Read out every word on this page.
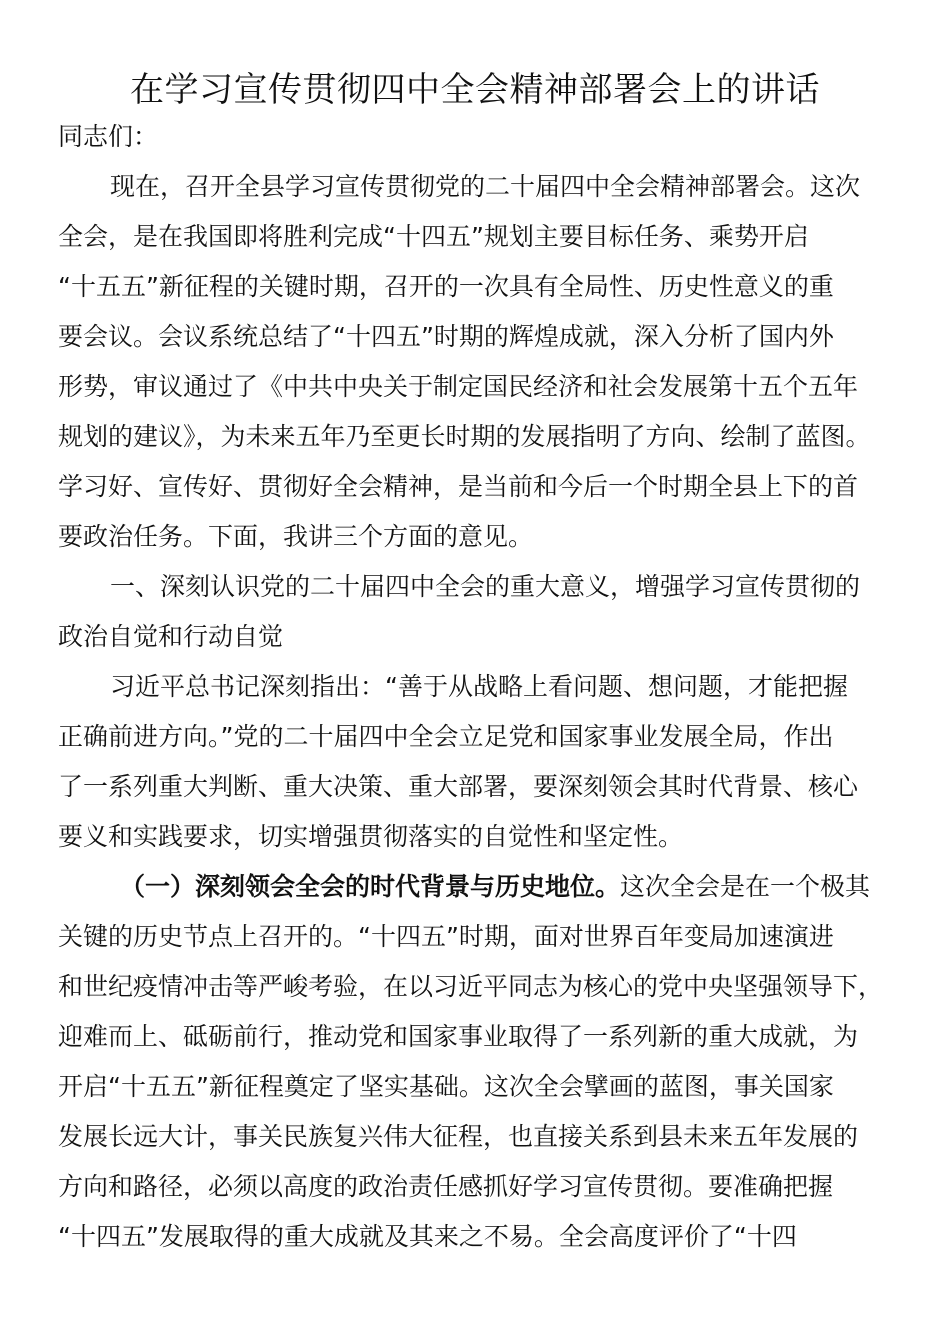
在学习宣传贯彻四中全会精神部署会上的讲话
同志们：
现在，召开全县学习宣传贯彻党的二十届四中全会精神部署会。这次
全会，是在我国即将胜利完成“十四五”规划主要目标任务、乘势开启
“十五五”新征程的关键时期，召开的一次具有全局性、历史性意义的重
要会议。会议系统总结了“十四五”时期的辉煌成就，深入分析了国内外
形势，审议通过了《中共中央关于制定国民经济和社会发展第十五个五年
规划的建议》，为未来五年乃至更长时期的发展指明了方向、绘制了蓝图。
学习好、宣传好、贯彻好全会精神，是当前和今后一个时期全县上下的首
要政治任务。下面，我讲三个方面的意见。
一、深刻认识党的二十届四中全会的重大意义，增强学习宣传贯彻的
政治自觉和行动自觉
习近平总书记深刻指出：“善于从战略上看问题、想问题，才能把握
正确前进方向。”党的二十届四中全会立足党和国家事业发展全局，作出
了一系列重大判断、重大决策、重大部署，要深刻领会其时代背景、核心
要义和实践要求，切实增强贯彻落实的自觉性和坚定性。
（一）深刻领会全会的时代背景与历史地位。这次全会是在一个极其
关键的历史节点上召开的。“十四五”时期，面对世界百年变局加速演进
和世纪疫情冲击等严峻考验，在以习近平同志为核心的党中央坚强领导下，
迎难而上、砥砺前行，推动党和国家事业取得了一系列新的重大成就，为
开启“十五五”新征程奠定了坚实基础。这次全会擘画的蓝图，事关国家
发展长远大计，事关民族复兴伟大征程，也直接关系到县未来五年发展的
方向和路径，必须以高度的政治责任感抓好学习宣传贯彻。要准确把握
“十四五”发展取得的重大成就及其来之不易。全会高度评价了“十四
